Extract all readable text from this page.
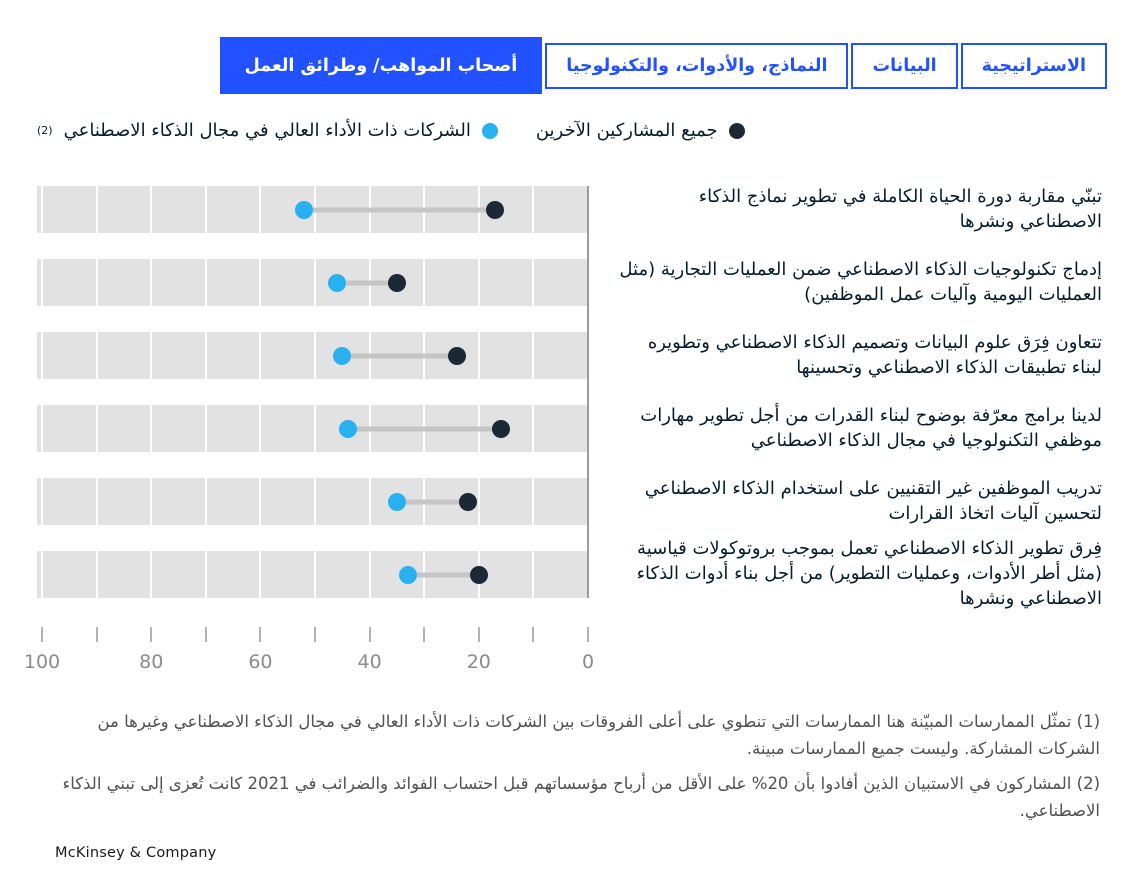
الاستراتيجية
البيانات
النماذج، والأدوات، والتكنولوجيا
أصحاب المواهب/ وطرائق العمل
جميع المشاركين الآخرين
الشركات ذات الأداء العالي في مجال الذكاء الاصطناعي
(2)
تبنّي مقاربة دورة الحياة الكاملة في تطوير نماذج الذكاء الاصطناعي ونشرها
إدماج تكنولوجيات الذكاء الاصطناعي ضمن العمليات التجارية (مثل العمليات اليومية وآليات عمل الموظفين)
تتعاون فِرَق علوم البيانات وتصميم الذكاء الاصطناعي وتطويره لبناء تطبيقات الذكاء الاصطناعي وتحسينها
لدينا برامج معرّفة بوضوح لبناء القدرات من أجل تطوير مهارات موظفي التكنولوجيا في مجال الذكاء الاصطناعي
تدريب الموظفين غير التقنيين على استخدام الذكاء الاصطناعي لتحسين آليات اتخاذ القرارات
فِرق تطوير الذكاء الاصطناعي تعمل بموجب بروتوكولات قياسية (مثل أطر الأدوات، وعمليات التطوير) من أجل بناء أدوات الذكاء الاصطناعي ونشرها
0
20
40
60
80
100

(1) تمثّل الممارسات المبيّنة هنا الممارسات التي تنطوي على أعلى الفروقات بين الشركات ذات الأداء العالي في مجال الذكاء الاصطناعي وغيرها من الشركات المشاركة. وليست جميع الممارسات مبينة.

(2) المشاركون في الاستبيان الذين أفادوا بأن 20% على الأقل من أرباح مؤسساتهم قبل احتساب الفوائد والضرائب في 2021 كانت تُعزى إلى تبني الذكاء الاصطناعي.

McKinsey & Company
